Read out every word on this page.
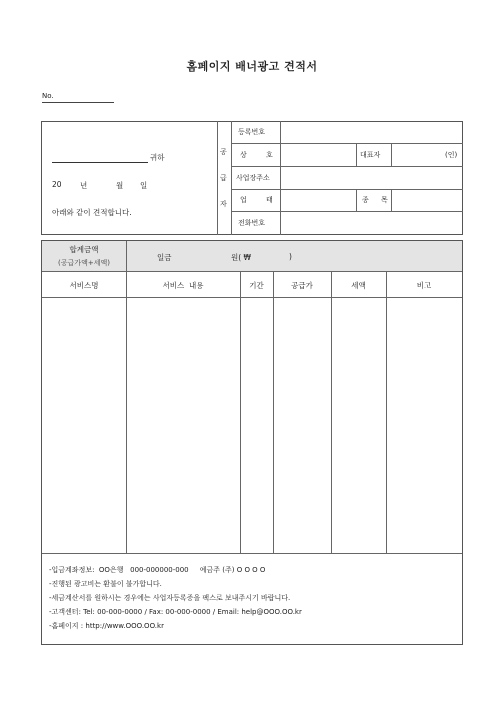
홈페이지 배너광고 견적서
No.
귀하
20 년	월 일
아래와 같이 견적합니다.
공
급
자
등록번호
상	호	대표자	(인)
사업장주소
업	태	종 목
전화번호
합계금액
(공급가액+세액)
일금	원( ₩	)
서비스명	서비스  내용	기간	공급가	세액	비고
-입금계좌정보:  OO은행   000-000000-000     예금주 (주) O O O O
-진행된 광고비는 환불이 불가합니다.
-세금계산서를 원하시는 경우에는 사업자등록증을 팩스로 보내주시기 바랍니다.
-고객센터: Tel: 00-000-0000 / Fax: 00-000-0000 / Email: help@OOO.OO.kr
-홈페이지 : http://www.OOO.OO.kr
